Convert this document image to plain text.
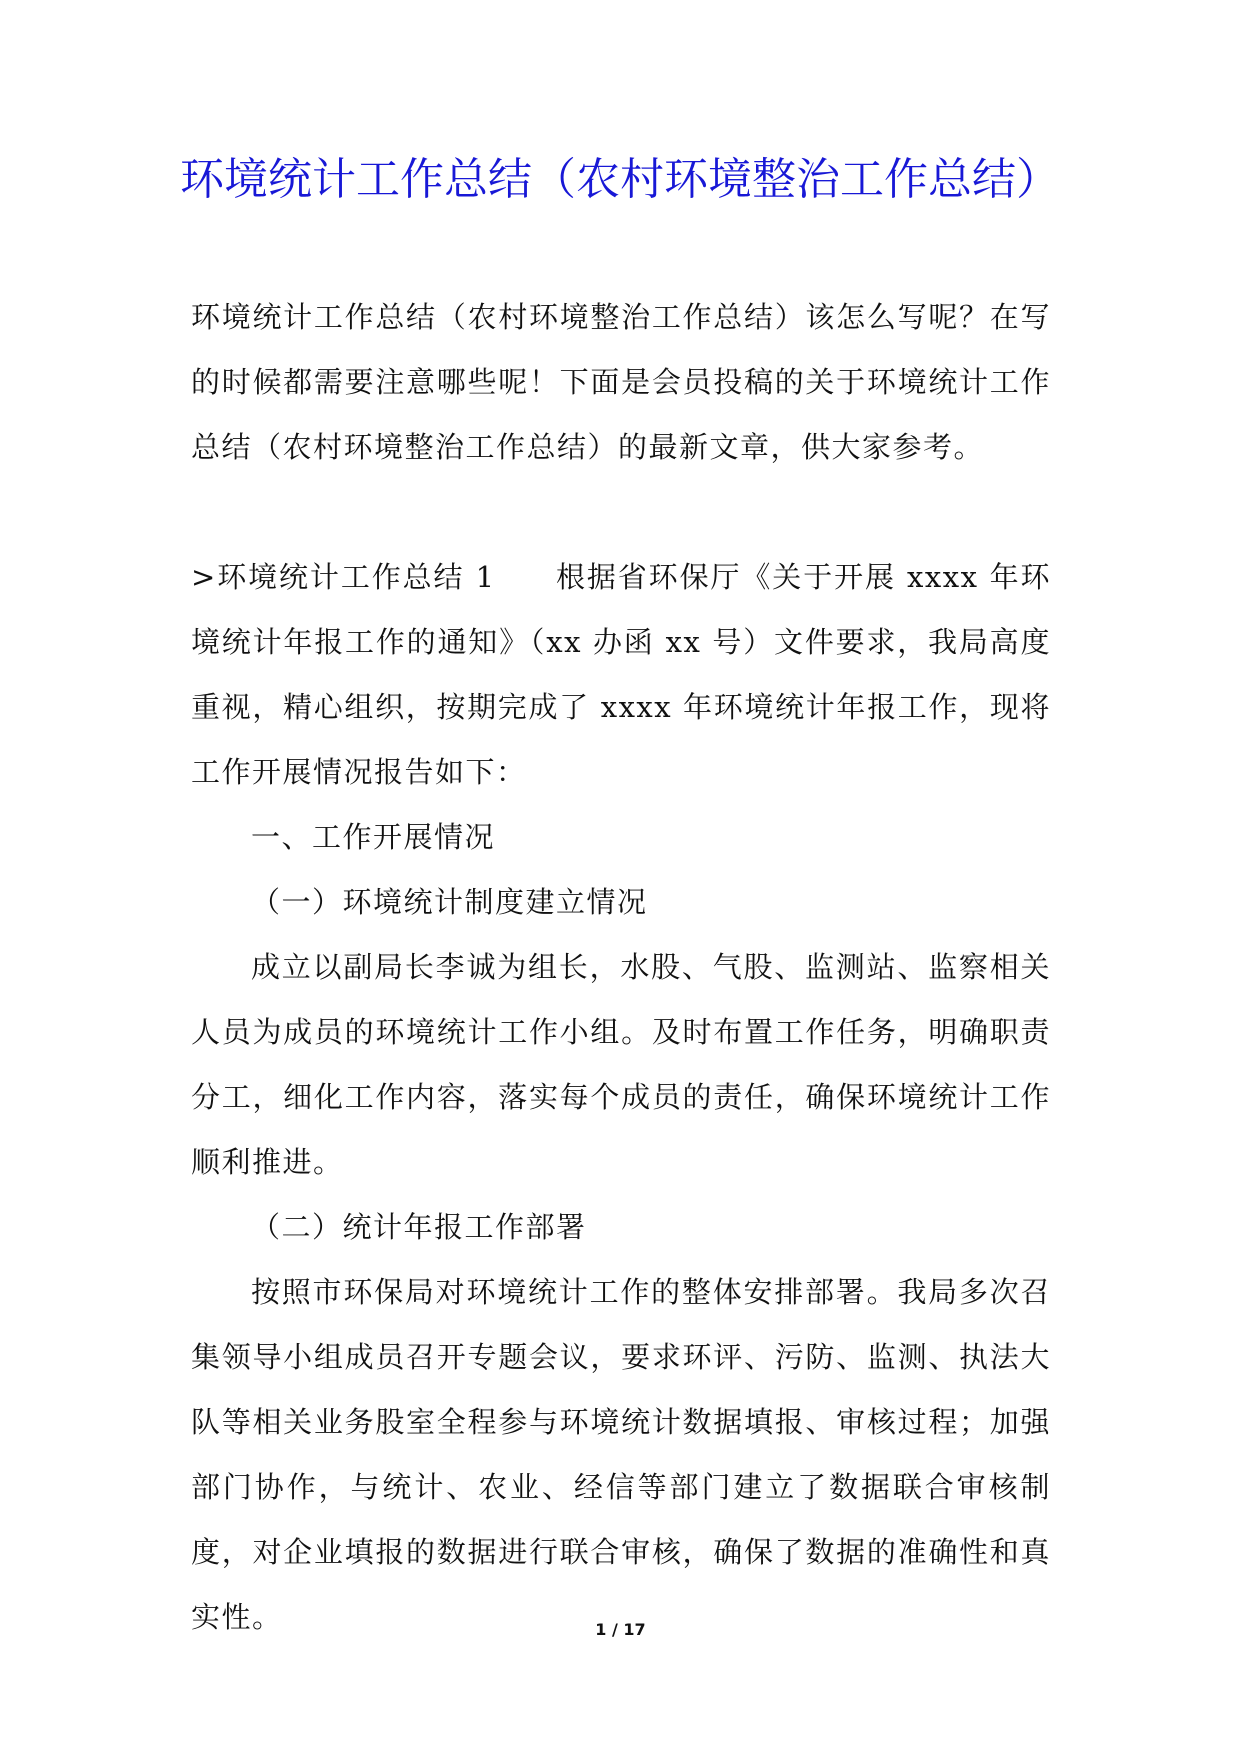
环境统计工作总结（农村环境整治工作总结）

环境统计工作总结（农村环境整治工作总结）该怎么写呢？在写的时候都需要注意哪些呢！下面是会员投稿的关于环境统计工作总结（农村环境整治工作总结）的最新文章，供大家参考。

>环境统计工作总结 1 根据省环保厅《关于开展 xxxx 年环境统计年报工作的通知》（xx 办函 xx 号）文件要求，我局高度重视，精心组织，按期完成了 xxxx 年环境统计年报工作，现将工作开展情况报告如下：

一、工作开展情况

（一）环境统计制度建立情况

成立以副局长李诚为组长，水股、气股、监测站、监察相关人员为成员的环境统计工作小组。及时布置工作任务，明确职责分工，细化工作内容，落实每个成员的责任，确保环境统计工作顺利推进。

（二）统计年报工作部署

按照市环保局对环境统计工作的整体安排部署。我局多次召集领导小组成员召开专题会议，要求环评、污防、监测、执法大队等相关业务股室全程参与环境统计数据填报、审核过程；加强部门协作，与统计、农业、经信等部门建立了数据联合审核制度，对企业填报的数据进行联合审核，确保了数据的准确性和真实性。	1 / 17
